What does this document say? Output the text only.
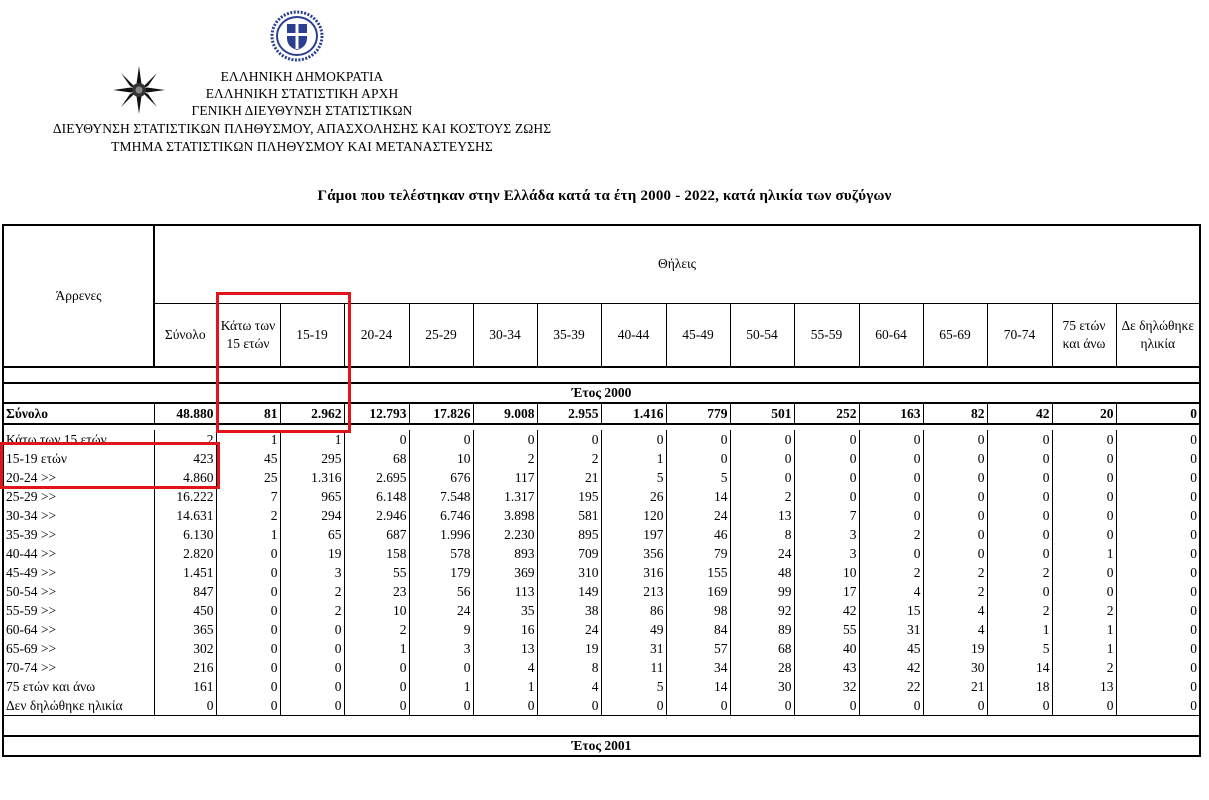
ΕΛΛΗΝΙΚΗ ΔΗΜΟΚΡΑΤΙΑ
ΕΛΛΗΝΙΚΗ ΣΤΑΤΙΣΤΙΚΗ ΑΡΧΗ
ΓΕΝΙΚΗ ΔΙΕΥΘΥΝΣΗ ΣΤΑΤΙΣΤΙΚΩΝ
ΔΙΕΥΘΥΝΣΗ ΣΤΑΤΙΣΤΙΚΩΝ ΠΛΗΘΥΣΜΟΥ, ΑΠΑΣΧΟΛΗΣΗΣ ΚΑΙ ΚΟΣΤΟΥΣ ΖΩΗΣ
ΤΜΗΜΑ ΣΤΑΤΙΣΤΙΚΩΝ ΠΛΗΘΥΣΜΟΥ ΚΑΙ ΜΕΤΑΝΑΣΤΕΥΣΗΣ
Γάμοι που τελέστηκαν στην Ελλάδα κατά τα έτη 2000 - 2022, κατά ηλικία των συζύγων
Άρρενες	Θήλεις															
	Σύνολο	Κάτω των 15 ετών	15-19	20-24	25-29	30-34	35-39	40-44	45-49	50-54	55-59	60-64	65-69	70-74	75 ετών και άνω	Δε δηλώθηκε ηλικία

Έτος 2000																
Σύνολο	48.880	81	2.962	12.793	17.826	9.008	2.955	1.416	779	501	252	163	82	42	20	0

Κάτω των 15 ετών	2	1	1	0	0	0	0	0	0	0	0	0	0	0	0	0
15-19 ετών	423	45	295	68	10	2	2	1	0	0	0	0	0	0	0	0
20-24 >>	4.860	25	1.316	2.695	676	117	21	5	5	0	0	0	0	0	0	0
25-29 >>	16.222	7	965	6.148	7.548	1.317	195	26	14	2	0	0	0	0	0	0
30-34 >>	14.631	2	294	2.946	6.746	3.898	581	120	24	13	7	0	0	0	0	0
35-39 >>	6.130	1	65	687	1.996	2.230	895	197	46	8	3	2	0	0	0	0
40-44 >>	2.820	0	19	158	578	893	709	356	79	24	3	0	0	0	1	0
45-49 >>	1.451	0	3	55	179	369	310	316	155	48	10	2	2	2	0	0
50-54 >>	847	0	2	23	56	113	149	213	169	99	17	4	2	0	0	0
55-59 >>	450	0	2	10	24	35	38	86	98	92	42	15	4	2	2	0
60-64 >>	365	0	0	2	9	16	24	49	84	89	55	31	4	1	1	0
65-69 >>	302	0	0	1	3	13	19	31	57	68	40	45	19	5	1	0
70-74 >>	216	0	0	0	0	4	8	11	34	28	43	42	30	14	2	0
75 ετών και άνω	161	0	0	0	1	1	4	5	14	30	32	22	21	18	13	0
Δεν δηλώθηκε ηλικία	0	0	0	0	0	0	0	0	0	0	0	0	0	0	0	0

Έτος 2001																
